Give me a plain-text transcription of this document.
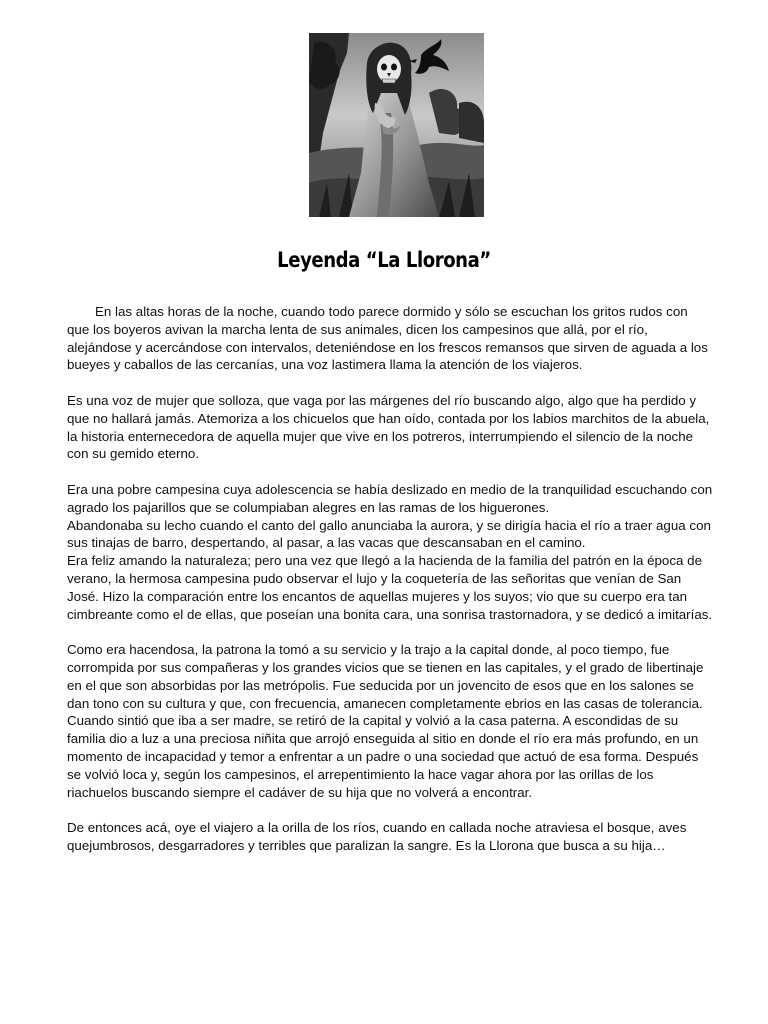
Leyenda “La Llorona”

En las altas horas de la noche, cuando todo parece dormido y sólo se escuchan los gritos rudos con
que los boyeros avivan la marcha lenta de sus animales, dicen los campesinos que allá, por el río,
alejándose y acercándose con intervalos, deteniéndose en los frescos remansos que sirven de aguada a los
bueyes y caballos de las cercanías, una voz lastimera llama la atención de los viajeros.

Es una voz de mujer que solloza, que vaga por las márgenes del río buscando algo, algo que ha perdido y
que no hallará jamás. Atemoriza a los chicuelos que han oído, contada por los labios marchitos de la abuela,
la historia enternecedora de aquella mujer que vive en los potreros, interrumpiendo el silencio de la noche
con su gemido eterno.

Era una pobre campesina cuya adolescencia se había deslizado en medio de la tranquilidad escuchando con
agrado los pajarillos que se columpiaban alegres en las ramas de los higuerones.
Abandonaba su lecho cuando el canto del gallo anunciaba la aurora, y se dirigía hacia el río a traer agua con
sus tinajas de barro, despertando, al pasar, a las vacas que descansaban en el camino.
Era feliz amando la naturaleza; pero una vez que llegó a la hacienda de la familia del patrón en la época de
verano, la hermosa campesina pudo observar el lujo y la coquetería de las señoritas que venían de San
José. Hizo la comparación entre los encantos de aquellas mujeres y los suyos; vio que su cuerpo era tan
cimbreante como el de ellas, que poseían una bonita cara, una sonrisa trastornadora, y se dedicó a imitarías.

Como era hacendosa, la patrona la tomó a su servicio y la trajo a la capital donde, al poco tiempo, fue
corrompida por sus compañeras y los grandes vicios que se tienen en las capitales, y el grado de libertinaje
en el que son absorbidas por las metrópolis. Fue seducida por un jovencito de esos que en los salones se
dan tono con su cultura y que, con frecuencia, amanecen completamente ebrios en las casas de tolerancia.
Cuando sintió que iba a ser madre, se retiró de la capital y volvió a la casa paterna. A escondidas de su
familia dio a luz a una preciosa niñita que arrojó enseguida al sitio en donde el río era más profundo, en un
momento de incapacidad y temor a enfrentar a un padre o una sociedad que actuó de esa forma. Después
se volvió loca y, según los campesinos, el arrepentimiento la hace vagar ahora por las orillas de los
riachuelos buscando siempre el cadáver de su hija que no volverá a encontrar.

De entonces acá, oye el viajero a la orilla de los ríos, cuando en callada noche atraviesa el bosque, aves
quejumbrosos, desgarradores y terribles que paralizan la sangre. Es la Llorona que busca a su hija…
